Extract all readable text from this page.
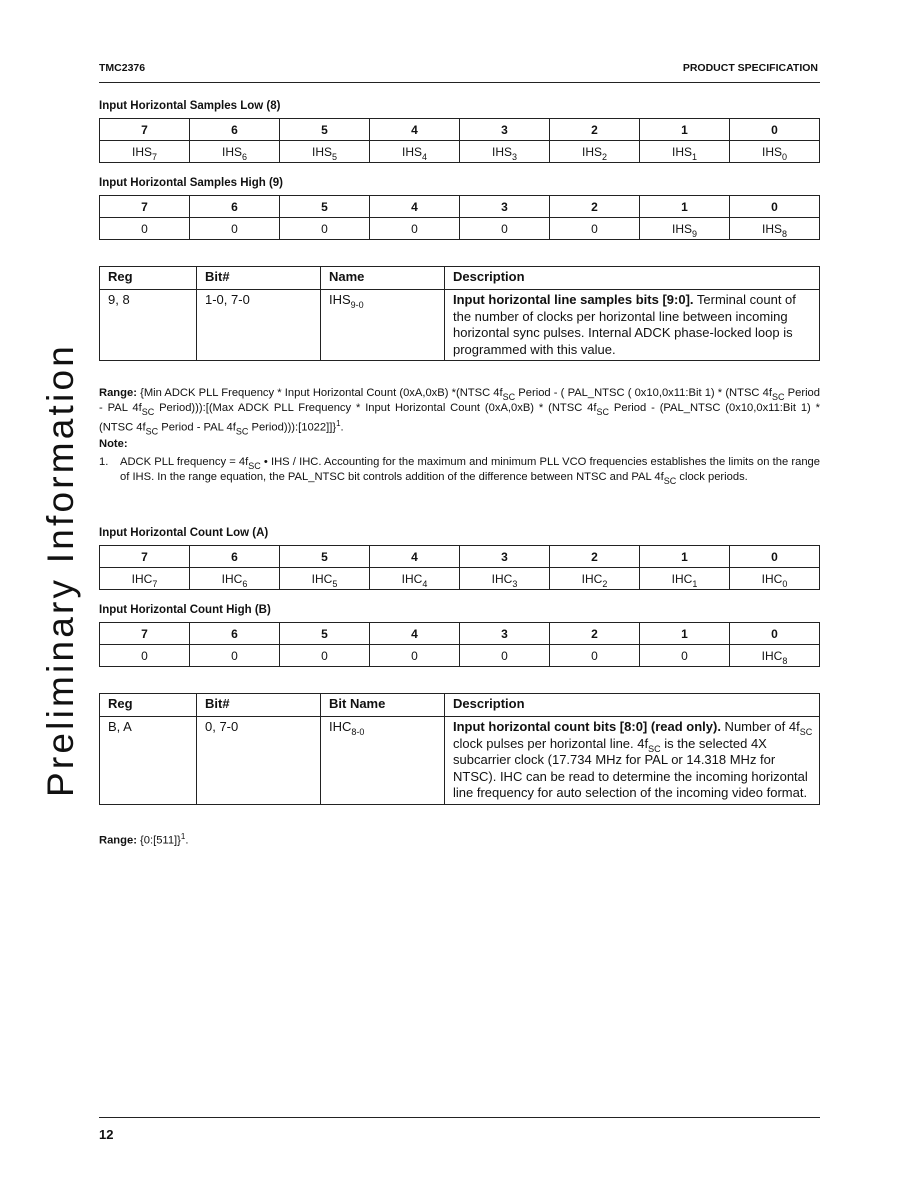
TMC2376	PRODUCT SPECIFICATION
Preliminary Information
Input Horizontal Samples Low (8)
7	6	5	4	3	2	1	0
$IHS_7$	$IHS_6$	$IHS_5$	$IHS_4$	$IHS_3$	$IHS_2$	$IHS_1$	$IHS_0$
Input Horizontal Samples High (9)
7	6	5	4	3	2	1	0
0	0	0	0	0	0	$IHS_9$	$IHS_8$
Reg	Bit#	Name	Description
9, 8	1-0, 7-0	$IHS_{9-0}$	Input horizontal line samples bits [9:0]. Terminal count of the number of clocks per horizontal line between incoming horizontal sync pulses. Internal ADCK phase-locked loop is programmed with this value.
Range: {Min ADCK PLL Frequency * Input Horizontal Count (0xA,0xB) *(NTSC $4f_{SC}$ Period - ( PAL_NTSC ( 0x10,0x11:Bit 1) * (NTSC $4f_{SC}$ Period - PAL $4f_{SC}$ Period))):[(Max ADCK PLL Frequency * Input Horizontal Count (0xA,0xB) * (NTSC $4f_{SC}$ Period - (PAL_NTSC (0x10,0x11:Bit 1) * (NTSC $4f_{SC}$ Period - PAL $4f_{SC}$ Period))):[1022]]}$^1$.
Note:
1. ADCK PLL frequency = $4f_{SC}$ • IHS / IHC. Accounting for the maximum and minimum PLL VCO frequencies establishes the limits on the range of IHS. In the range equation, the PAL_NTSC bit controls addition of the difference between NTSC and PAL $4f_{SC}$ clock periods.
Input Horizontal Count Low (A)
7	6	5	4	3	2	1	0
$IHC_7$	$IHC_6$	$IHC_5$	$IHC_4$	$IHC_3$	$IHC_2$	$IHC_1$	$IHC_0$
Input Horizontal Count High (B)
7	6	5	4	3	2	1	0
0	0	0	0	0	0	0	$IHC_8$
Reg	Bit#	Bit Name	Description
B, A	0, 7-0	$IHC_{8-0}$	Input horizontal count bits [8:0] (read only). Number of $4f_{SC}$ clock pulses per horizontal line. $4f_{SC}$ is the selected 4X subcarrier clock (17.734 MHz for PAL or 14.318 MHz for NTSC). IHC can be read to determine the incoming horizontal line frequency for auto selection of the incoming video format.
Range: {0:[511]}$^1$.
12
